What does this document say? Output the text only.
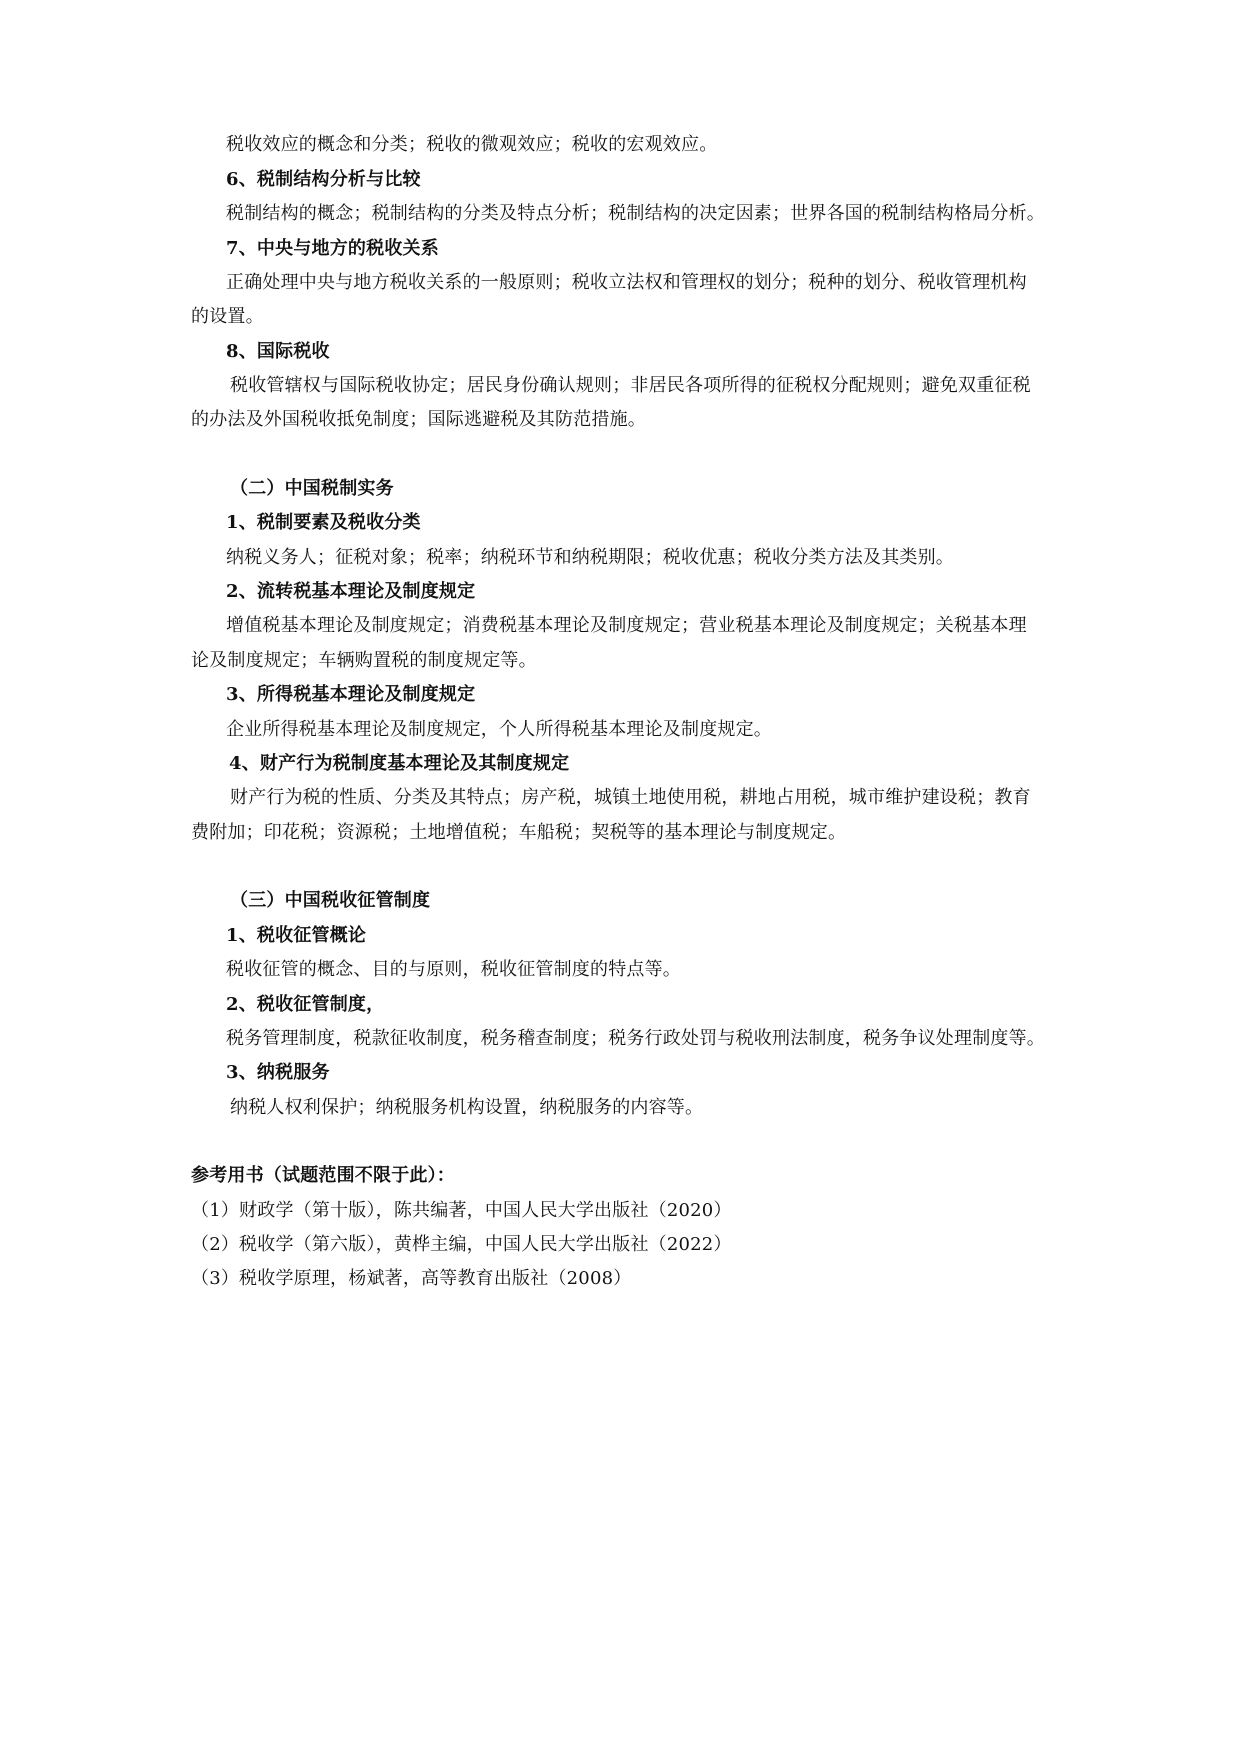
税收效应的概念和分类；税收的微观效应；税收的宏观效应。
6、税制结构分析与比较
税制结构的概念；税制结构的分类及特点分析；税制结构的决定因素；世界各国的税制结构格局分析。
7、中央与地方的税收关系
正确处理中央与地方税收关系的一般原则；税收立法权和管理权的划分；税种的划分、税收管理机构
的设置。
8、国际税收
税收管辖权与国际税收协定；居民身份确认规则；非居民各项所得的征税权分配规则；避免双重征税
的办法及外国税收抵免制度；国际逃避税及其防范措施。
（二）中国税制实务
1、税制要素及税收分类
纳税义务人；征税对象；税率；纳税环节和纳税期限；税收优惠；税收分类方法及其类别。
2、流转税基本理论及制度规定
增值税基本理论及制度规定；消费税基本理论及制度规定；营业税基本理论及制度规定；关税基本理
论及制度规定；车辆购置税的制度规定等。
3、所得税基本理论及制度规定
企业所得税基本理论及制度规定，个人所得税基本理论及制度规定。
4、财产行为税制度基本理论及其制度规定
财产行为税的性质、分类及其特点；房产税，城镇土地使用税，耕地占用税，城市维护建设税；教育
费附加；印花税；资源税；土地增值税；车船税；契税等的基本理论与制度规定。
（三）中国税收征管制度
1、税收征管概论
税收征管的概念、目的与原则，税收征管制度的特点等。
2、税收征管制度，
税务管理制度，税款征收制度，税务稽查制度；税务行政处罚与税收刑法制度，税务争议处理制度等。
3、纳税服务
纳税人权利保护；纳税服务机构设置，纳税服务的内容等。
参考用书（试题范围不限于此）：
（1）财政学（第十版），陈共编著，中国人民大学出版社（2020）
（2）税收学（第六版），黄桦主编，中国人民大学出版社（2022）
（3）税收学原理，杨斌著，高等教育出版社（2008）
